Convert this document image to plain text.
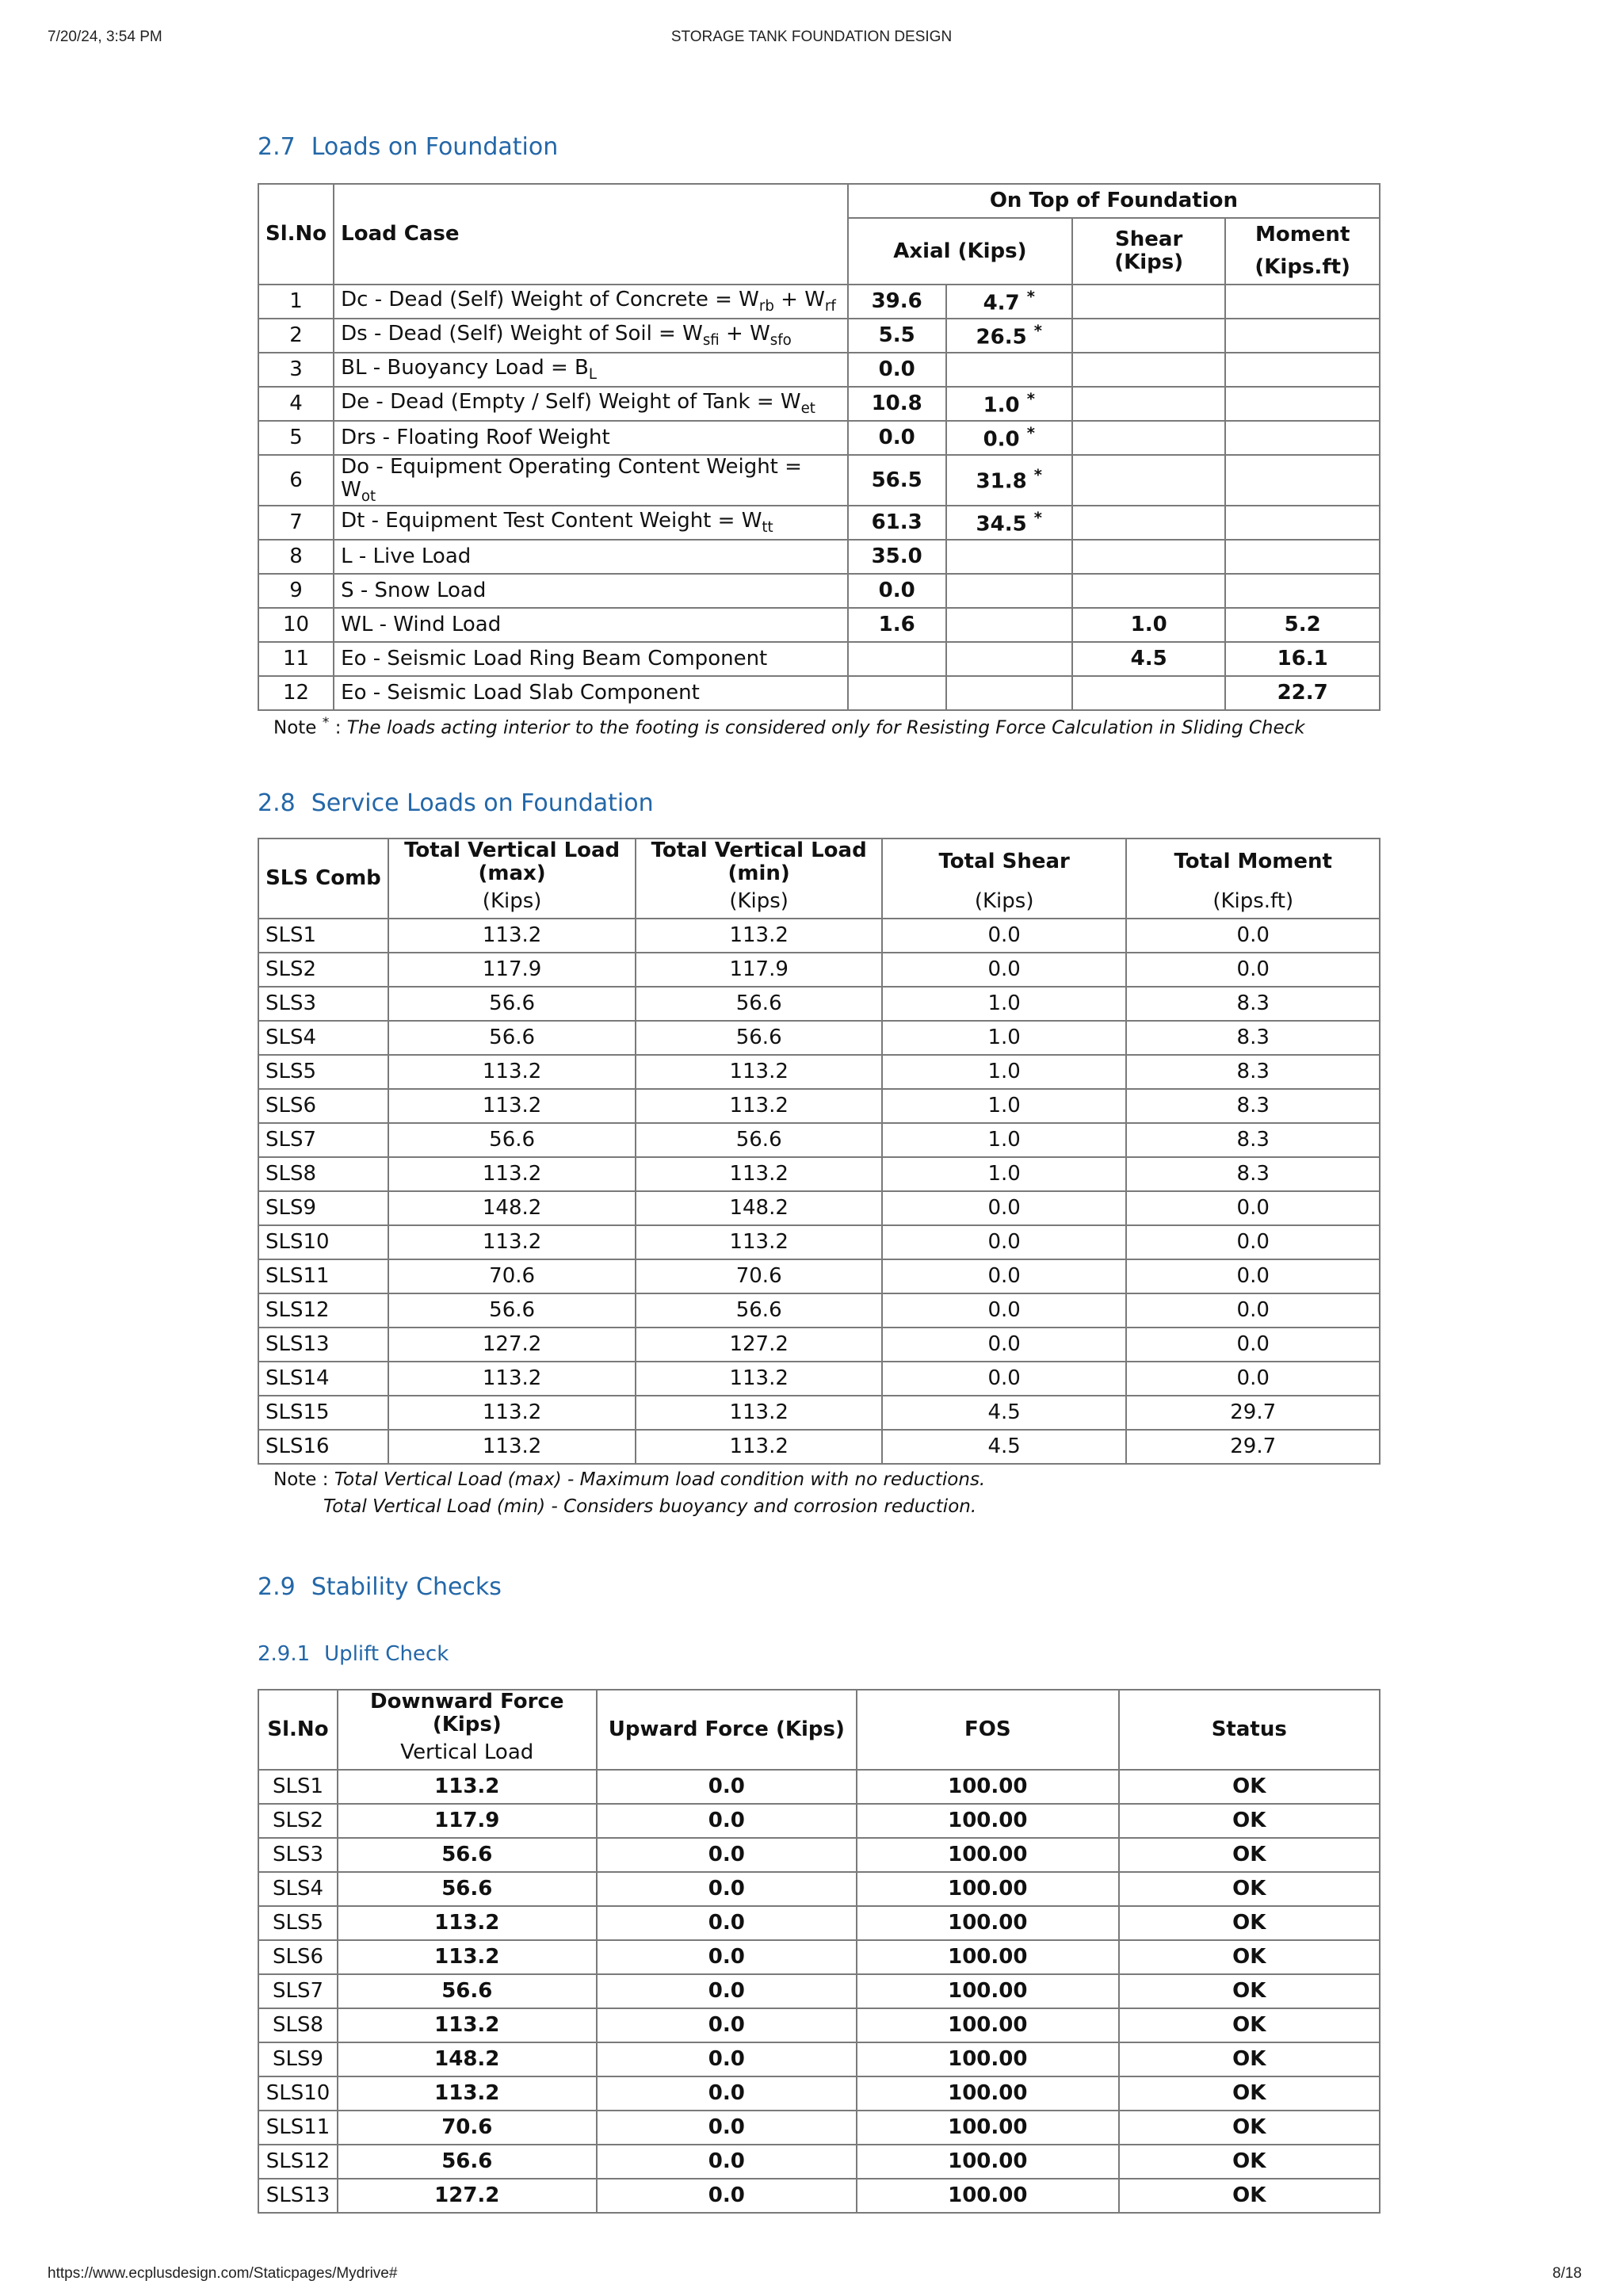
7/20/24, 3:54 PM	STORAGE TANK FOUNDATION DESIGN
https://www.ecplusdesign.com/Staticpages/Mydrive#	8/18
2.7 Loads on Foundation
Sl.No	Load Case	On Top of Foundation			
		Axial (Kips)		Shear (Kips)	Moment
					(Kips.ft)
1	Dc - Dead (Self) Weight of Concrete = $W_{rb} + W_{rf}$	39.6	4.7 *		
2	Ds - Dead (Self) Weight of Soil = $W_{sfi} + W_{sfo}$	5.5	26.5 *		
3	BL - Buoyancy Load = $B_L$	0.0			
4	De - Dead (Empty / Self) Weight of Tank = $W_{et}$	10.8	1.0 *		
5	Drs - Floating Roof Weight	0.0	0.0 *		
6	Do - Equipment Operating Content Weight = $W_{ot}$	56.5	31.8 *		
7	Dt - Equipment Test Content Weight = $W_{tt}$	61.3	34.5 *		
8	L - Live Load	35.0			
9	S - Snow Load	0.0			
10	WL - Wind Load	1.6		1.0	5.2
11	Eo - Seismic Load Ring Beam Component			4.5	16.1
12	Eo - Seismic Load Slab Component				22.7
Note * : The loads acting interior to the footing is considered only for Resisting Force Calculation in Sliding Check
2.8 Service Loads on Foundation
SLS Comb	Total Vertical Load (max)	Total Vertical Load (min)	Total Shear	Total Moment
	(Kips)	(Kips)	(Kips)	(Kips.ft)
SLS1	113.2	113.2	0.0	0.0
SLS2	117.9	117.9	0.0	0.0
SLS3	56.6	56.6	1.0	8.3
SLS4	56.6	56.6	1.0	8.3
SLS5	113.2	113.2	1.0	8.3
SLS6	113.2	113.2	1.0	8.3
SLS7	56.6	56.6	1.0	8.3
SLS8	113.2	113.2	1.0	8.3
SLS9	148.2	148.2	0.0	0.0
SLS10	113.2	113.2	0.0	0.0
SLS11	70.6	70.6	0.0	0.0
SLS12	56.6	56.6	0.0	0.0
SLS13	127.2	127.2	0.0	0.0
SLS14	113.2	113.2	0.0	0.0
SLS15	113.2	113.2	4.5	29.7
SLS16	113.2	113.2	4.5	29.7
Note : Total Vertical Load (max) - Maximum load condition with no reductions.
Total Vertical Load (min) - Considers buoyancy and corrosion reduction.
2.9 Stability Checks
2.9.1 Uplift Check
Sl.No	Downward Force (Kips)	Upward Force (Kips)	FOS	Status
	Vertical Load			
SLS1	113.2	0.0	100.00	OK
SLS2	117.9	0.0	100.00	OK
SLS3	56.6	0.0	100.00	OK
SLS4	56.6	0.0	100.00	OK
SLS5	113.2	0.0	100.00	OK
SLS6	113.2	0.0	100.00	OK
SLS7	56.6	0.0	100.00	OK
SLS8	113.2	0.0	100.00	OK
SLS9	148.2	0.0	100.00	OK
SLS10	113.2	0.0	100.00	OK
SLS11	70.6	0.0	100.00	OK
SLS12	56.6	0.0	100.00	OK
SLS13	127.2	0.0	100.00	OK
